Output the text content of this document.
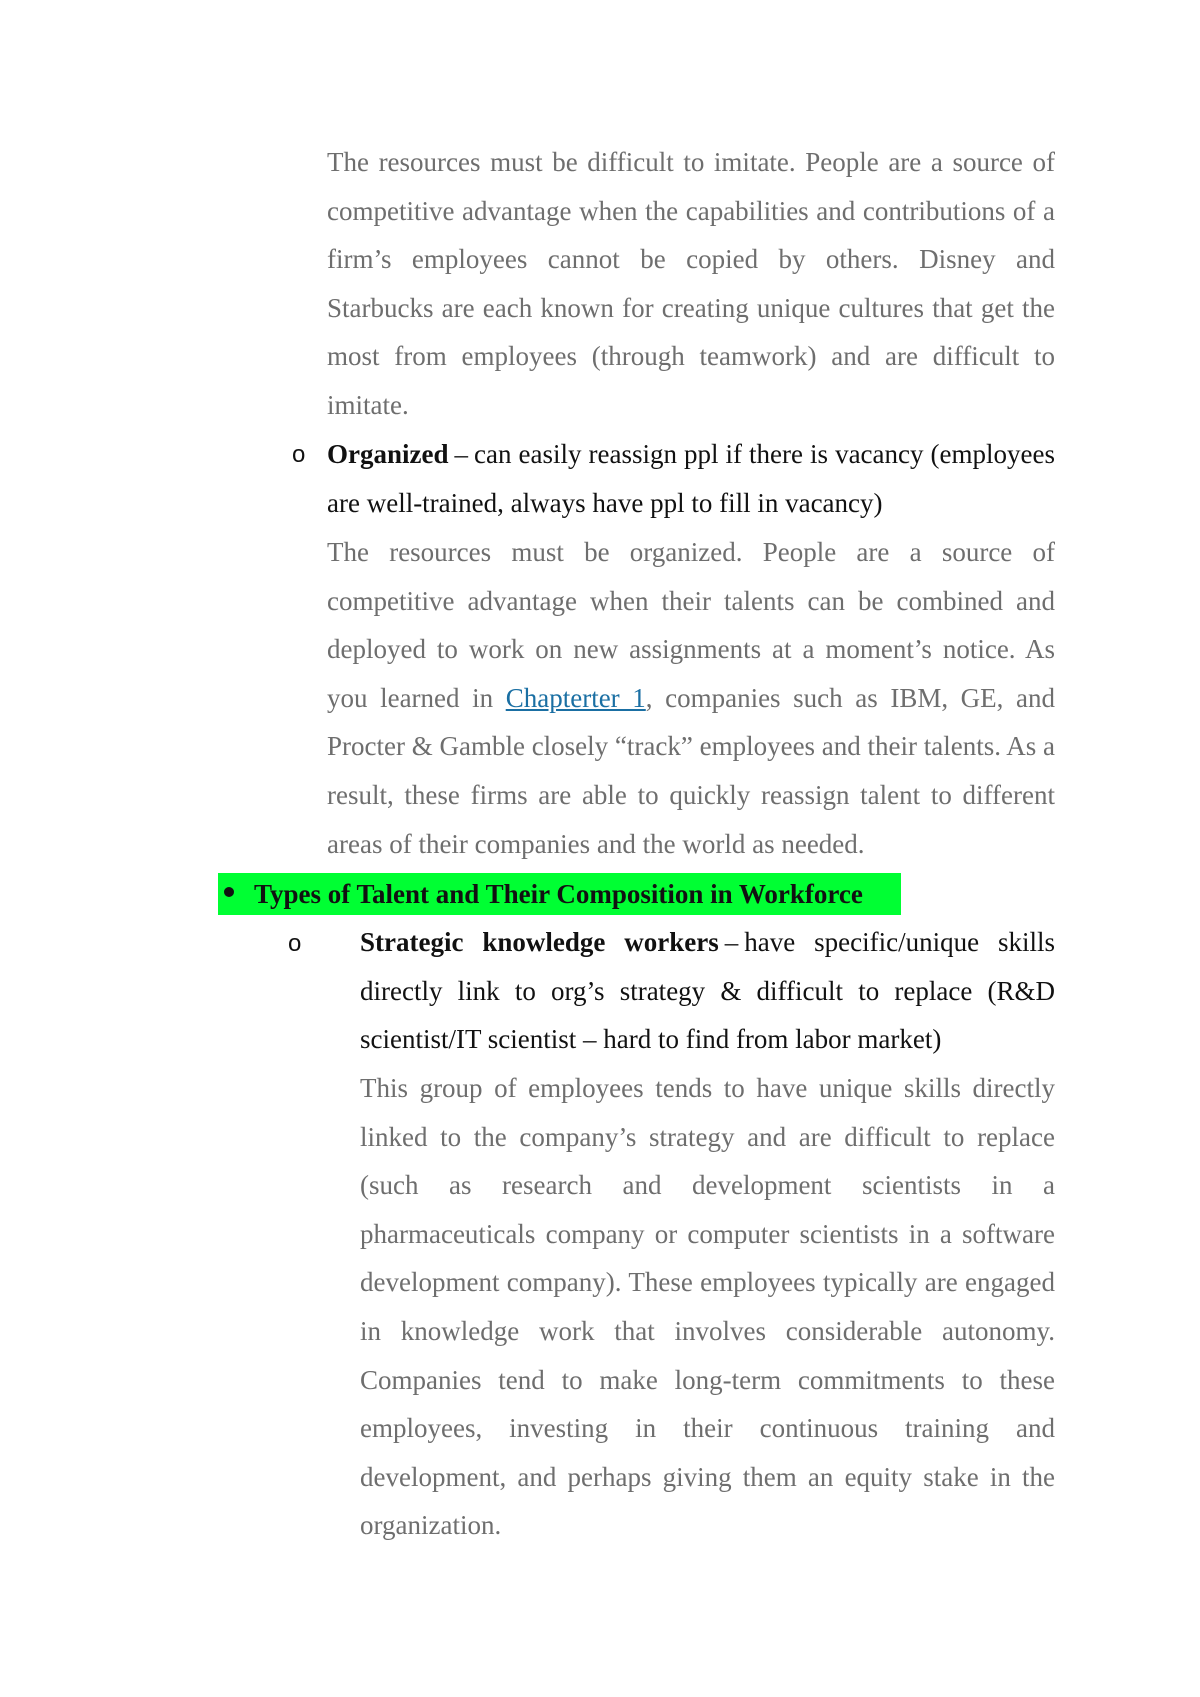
The resources must be difficult to imitate. People are a source of competitive advantage when the capabilities and contributions of a firm’s employees cannot be copied by others. Disney and Starbucks are each known for creating unique cultures that get the most from employees (through teamwork) and are difficult to imitate.

o Organized – can easily reassign ppl if there is vacancy (employees are well-trained, always have ppl to fill in vacancy)

The resources must be organized. People are a source of competitive advantage when their talents can be combined and deployed to work on new assignments at a moment’s notice. As you learned in Chapterter 1, companies such as IBM, GE, and Procter & Gamble closely “track” employees and their talents. As a result, these firms are able to quickly reassign talent to different areas of their companies and the world as needed.

Types of Talent and Their Composition in Workforce
o Strategic knowledge workers – have specific/unique skills directly link to org’s strategy & difficult to replace (R&D scientist/IT scientist – hard to find from labor market)

This group of employees tends to have unique skills directly linked to the company’s strategy and are difficult to replace (such as research and development scientists in a pharmaceuticals company or computer scientists in a software development company). These employees typically are engaged in knowledge work that involves considerable autonomy. Companies tend to make long-term commitments to these employees, investing in their continuous training and development, and perhaps giving them an equity stake in the organization.
